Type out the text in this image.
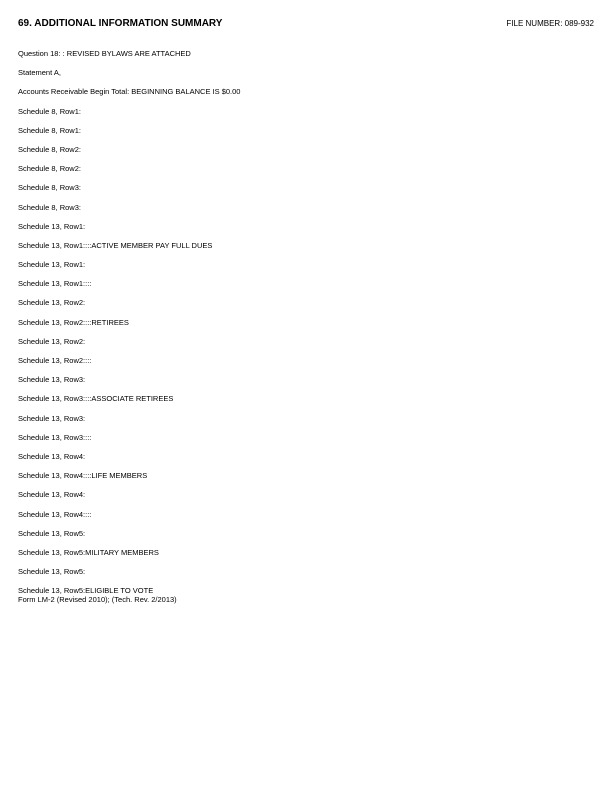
69. ADDITIONAL INFORMATION SUMMARY	FILE NUMBER: 089-932
Question 18: : REVISED BYLAWS ARE ATTACHED
Statement A,
Accounts Receivable Begin Total: BEGINNING BALANCE IS $0.00
Schedule 8, Row1:
Schedule 8, Row1:
Schedule 8, Row2:
Schedule 8, Row2:
Schedule 8, Row3:
Schedule 8, Row3:
Schedule 13, Row1:
Schedule 13, Row1::::ACTIVE MEMBER PAY FULL DUES
Schedule 13, Row1:
Schedule 13, Row1::::
Schedule 13, Row2:
Schedule 13, Row2::::RETIREES
Schedule 13, Row2:
Schedule 13, Row2::::
Schedule 13, Row3:
Schedule 13, Row3::::ASSOCIATE RETIREES
Schedule 13, Row3:
Schedule 13, Row3::::
Schedule 13, Row4:
Schedule 13, Row4::::LIFE MEMBERS
Schedule 13, Row4:
Schedule 13, Row4::::
Schedule 13, Row5:
Schedule 13, Row5:MILITARY MEMBERS
Schedule 13, Row5:
Schedule 13, Row5:ELIGIBLE TO VOTE
Form LM-2 (Revised 2010); (Tech. Rev. 2/2013)
